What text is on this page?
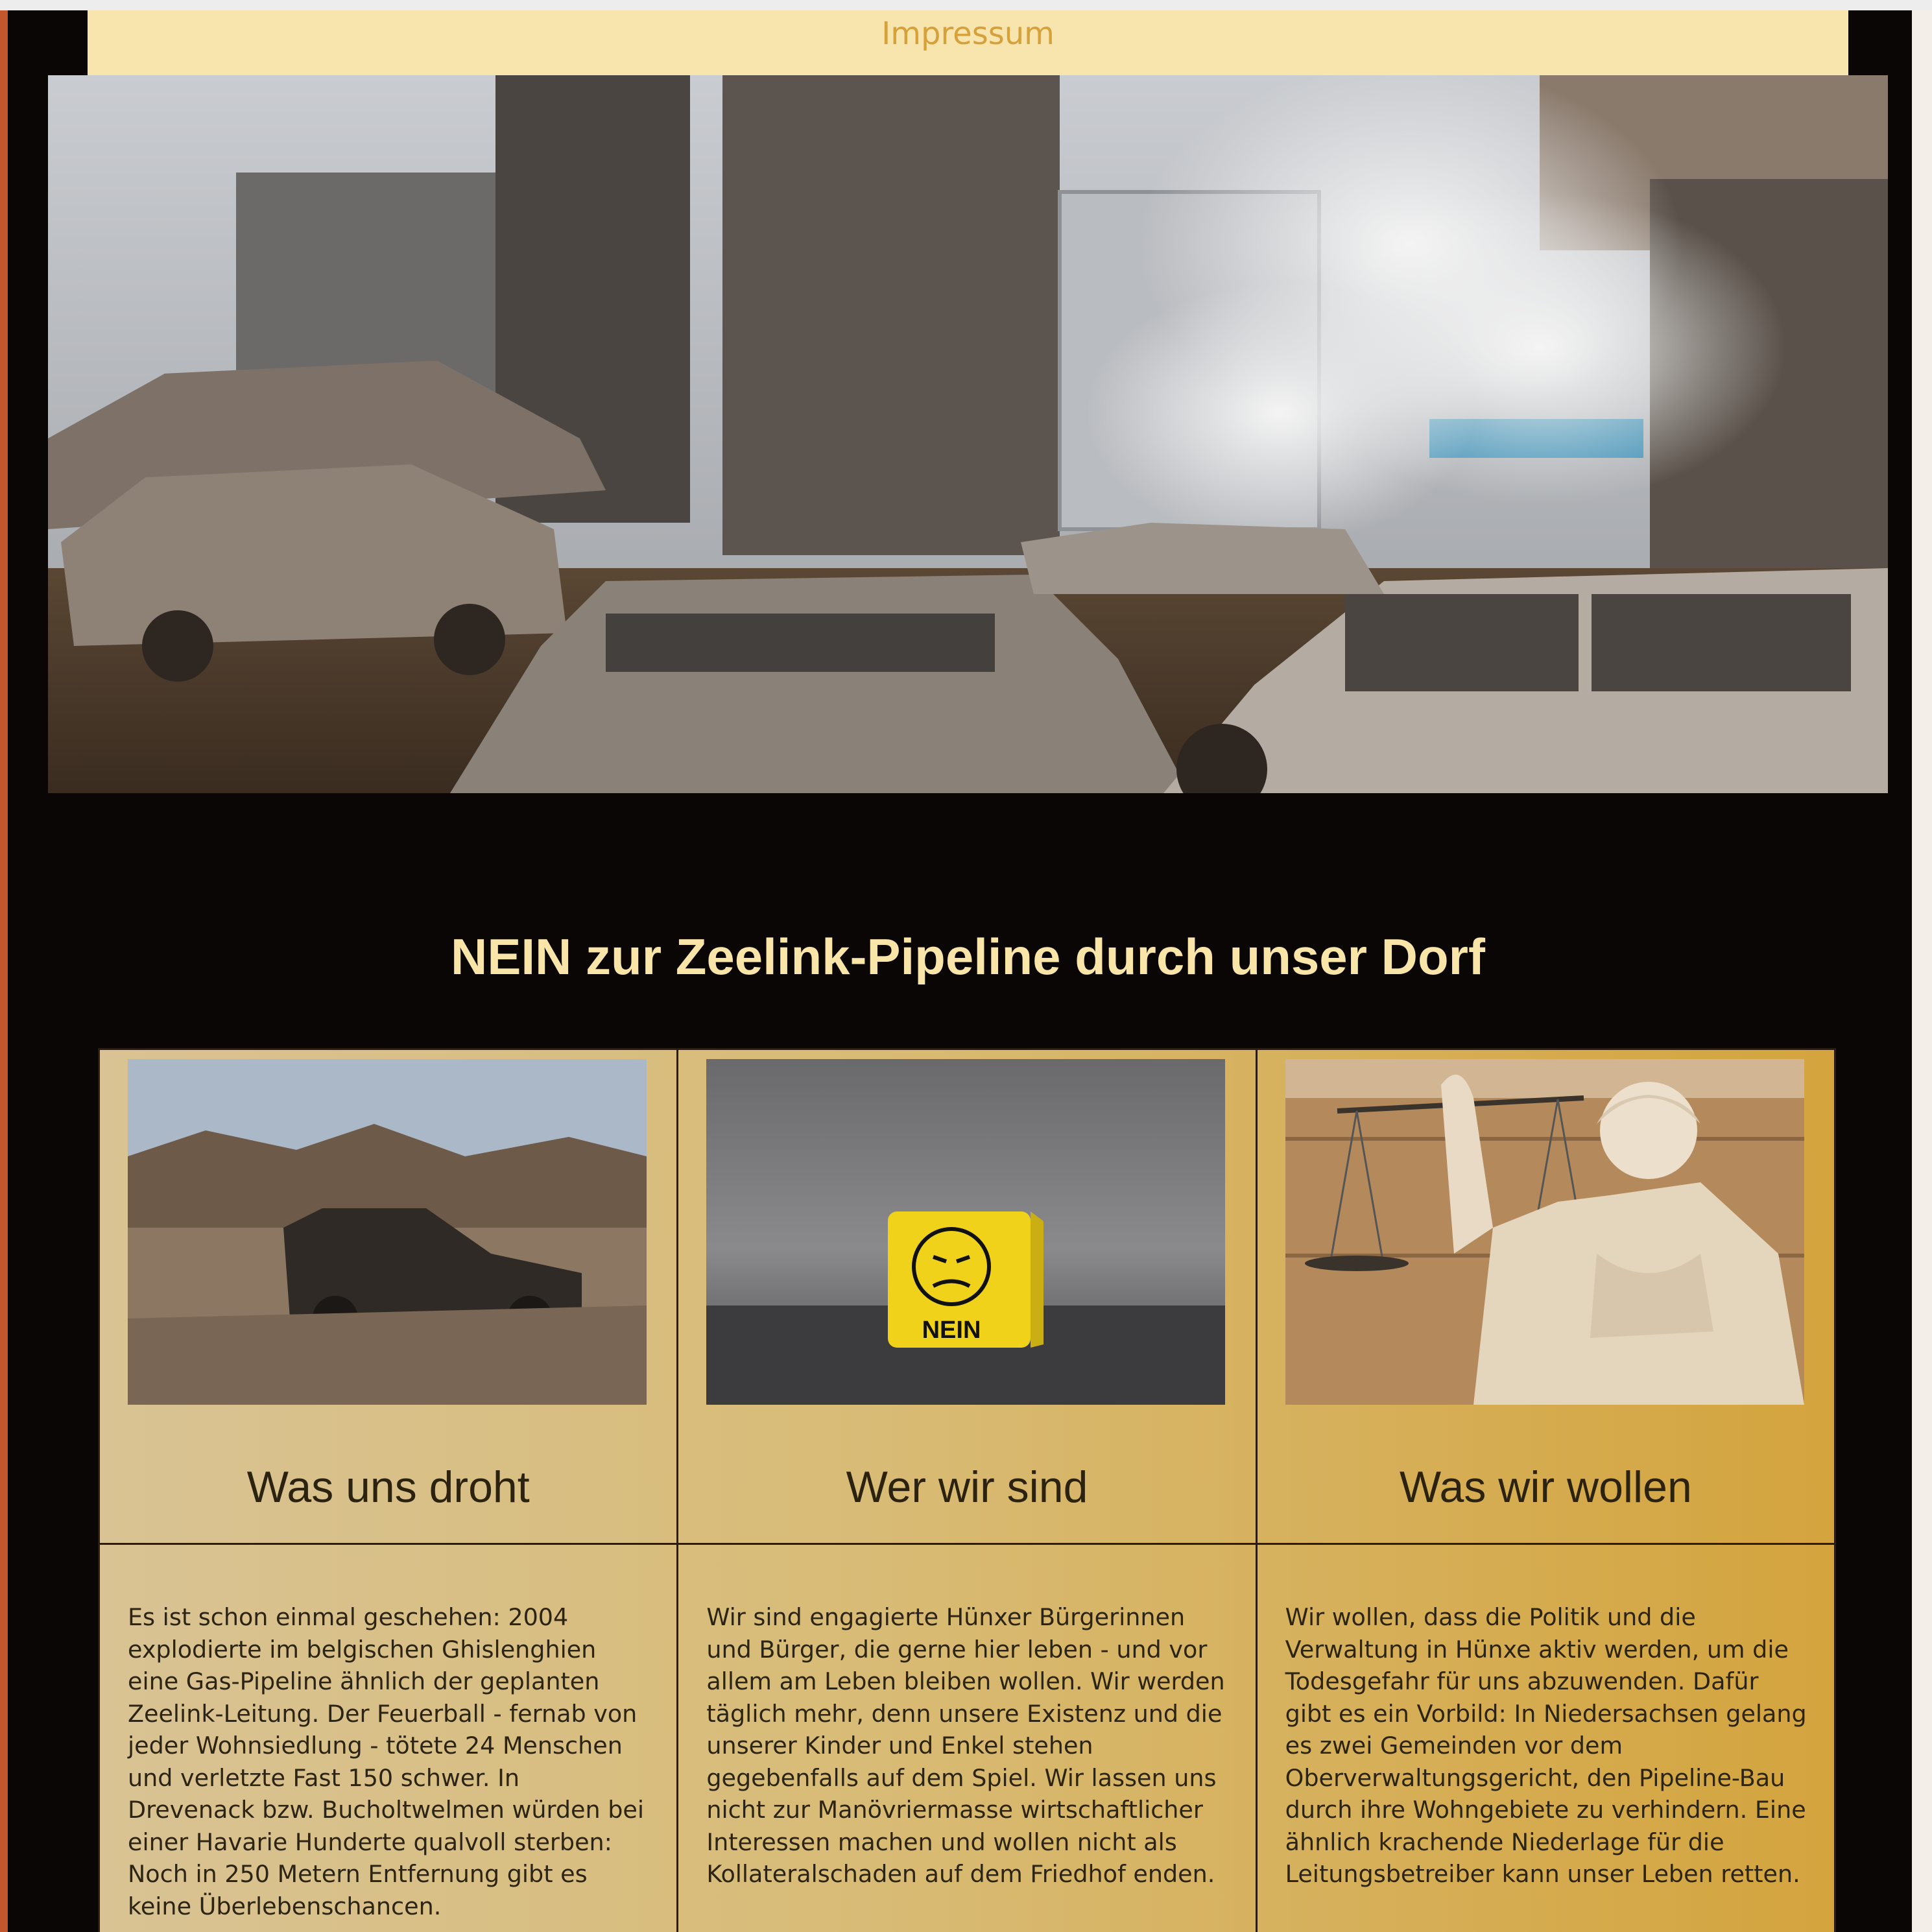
Impressum
NEIN zur Zeelink-Pipeline durch unser Dorf
Was uns droht
Es ist schon einmal geschehen: 2004 explodierte im belgischen Ghislenghien eine Gas-Pipeline ähnlich der geplanten Zeelink-Leitung. Der Feuerball - fernab von jeder Wohnsiedlung - tötete 24 Menschen und verletzte Fast 150 schwer. In Drevenack bzw. Bucholtwelmen würden bei einer Havarie Hunderte qualvoll sterben: Noch in 250 Metern Entfernung gibt es keine Überlebenschancen.
NEIN
Wer wir sind
Wir sind engagierte Hünxer Bürgerinnen und Bürger, die gerne hier leben - und vor allem am Leben bleiben wollen. Wir werden täglich mehr, denn unsere Existenz und die unserer Kinder und Enkel stehen gegebenfalls auf dem Spiel. Wir lassen uns nicht zur Manövriermasse wirtschaftlicher Interessen machen und wollen nicht als Kollateralschaden auf dem Friedhof enden.
Was wir wollen
Wir wollen, dass die Politik und die Verwaltung in Hünxe aktiv werden, um die Todesgefahr für uns abzuwenden. Dafür gibt es ein Vorbild: In Niedersachsen gelang es zwei Gemeinden vor dem Oberverwaltungsgericht, den Pipeline-Bau durch ihre Wohngebiete zu verhindern. Eine ähnlich krachende Niederlage für die Leitungsbetreiber kann unser Leben retten.
